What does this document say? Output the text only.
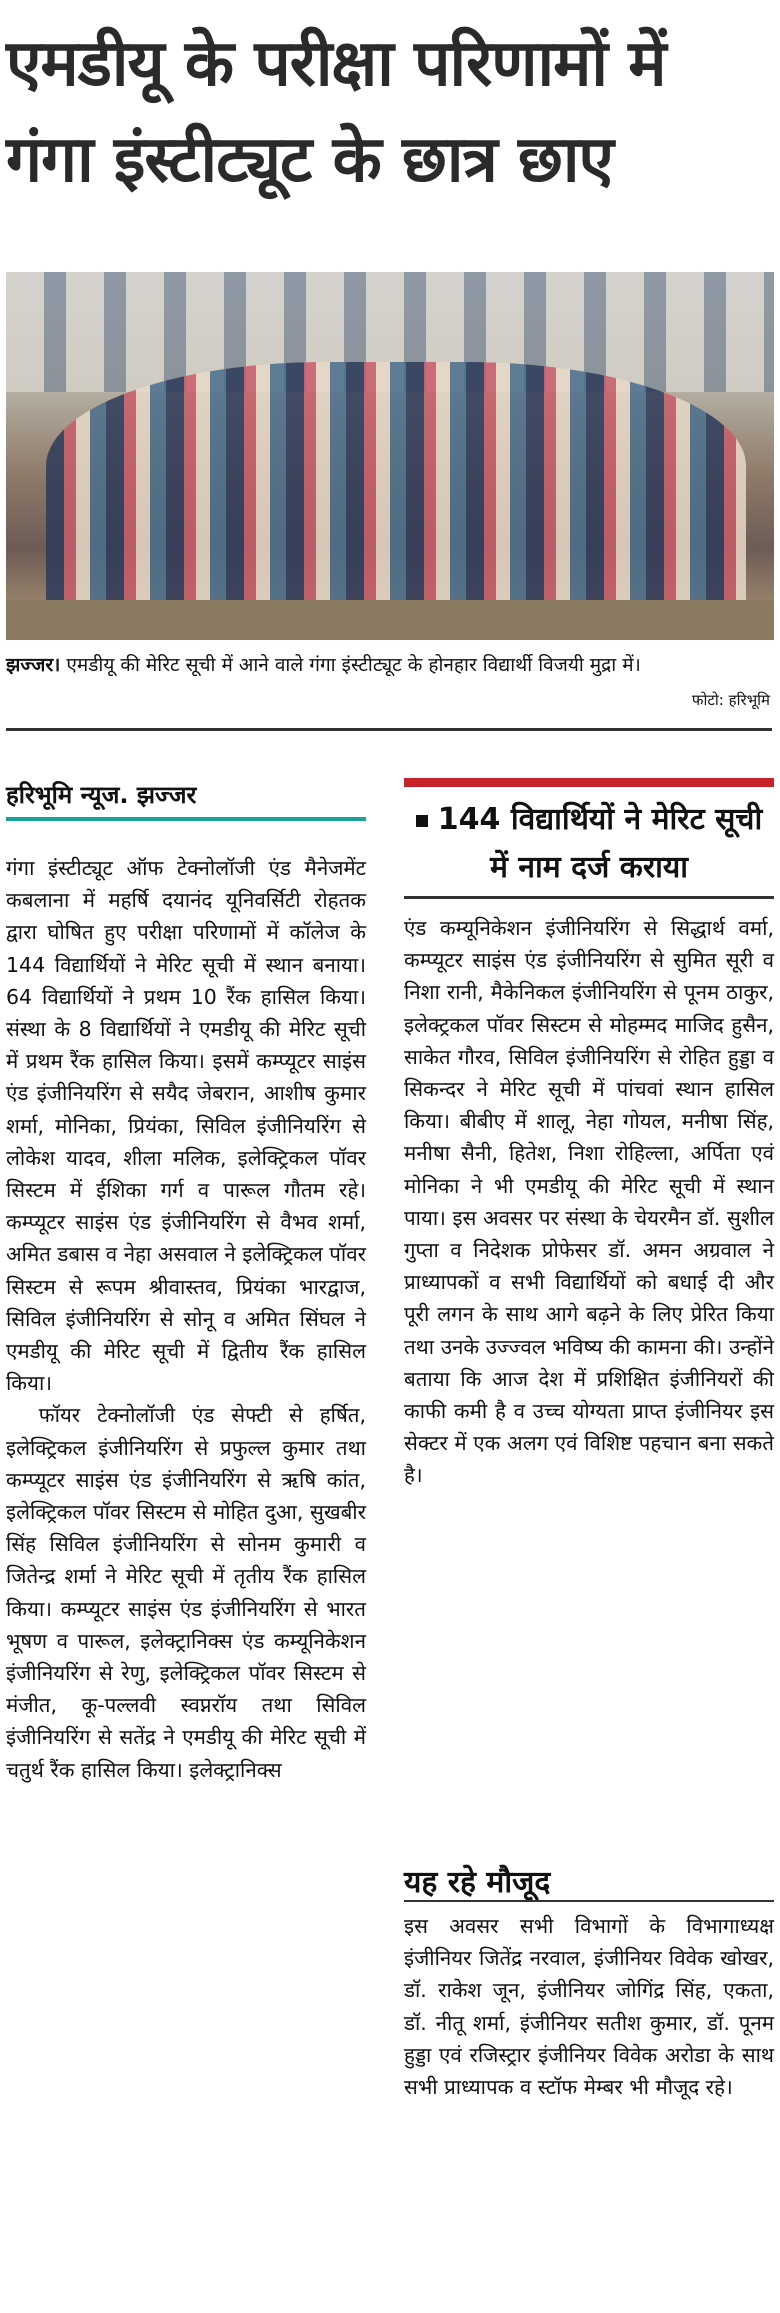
एमडीयू के परीक्षा परिणामों में
गंगा इंस्टीट्यूट के छात्र छाए
झज्जर। एमडीयू की मेरिट सूची में आने वाले गंगा इंस्टीट्यूट के होनहार विद्यार्थी विजयी मुद्रा में।
फोटो: हरिभूमि
हरिभूमि न्यूज. झज्जर

गंगा इंस्टीट्यूट ऑफ टेक्नोलॉजी एंड मैनेजमेंट कबलाना में महर्षि दयानंद यूनिवर्सिटी रोहतक द्वारा घोषित हुए परीक्षा परिणामों में कॉलेज के 144 विद्यार्थियों ने मेरिट सूची में स्थान बनाया। 64 विद्यार्थियों ने प्रथम 10 रैंक हासिल किया। संस्था के 8 विद्यार्थियों ने एमडीयू की मेरिट सूची में प्रथम रैंक हासिल किया। इसमें कम्प्यूटर साइंस एंड इंजीनियरिंग से सयैद जेबरान, आशीष कुमार शर्मा, मोनिका, प्रियंका, सिविल इंजीनियरिंग से लोकेश यादव, शीला मलिक, इलेक्ट्रिकल पॉवर सिस्टम में ईशिका गर्ग व पारूल गौतम रहे। कम्प्यूटर साइंस एंड इंजीनियरिंग से वैभव शर्मा, अमित डबास व नेहा असवाल ने इलेक्ट्रिकल पॉवर सिस्टम से रूपम श्रीवास्तव, प्रियंका भारद्वाज, सिविल इंजीनियरिंग से सोनू व अमित सिंघल ने एमडीयू की मेरिट सूची में द्वितीय रैंक हासिल किया।

फॉयर टेक्नोलॉजी एंड सेफ्टी से हर्षित, इलेक्ट्रिकल इंजीनियरिंग से प्रफुल्ल कुमार तथा कम्प्यूटर साइंस एंड इंजीनियरिंग से ऋषि कांत, इलेक्ट्रिकल पॉवर सिस्टम से मोहित दुआ, सुखबीर सिंह सिविल इंजीनियरिंग से सोनम कुमारी व जितेन्द्र शर्मा ने मेरिट सूची में तृतीय रैंक हासिल किया। कम्प्यूटर साइंस एंड इंजीनियरिंग से भारत भूषण व पारूल, इलेक्ट्रानिक्स एंड कम्यूनिकेशन इंजीनियरिंग से रेणु, इलेक्ट्रिकल पॉवर सिस्टम से मंजीत, कू-पल्लवी स्वप्नरॉय तथा सिविल इंजीनियरिंग से सतेंद्र ने एमडीयू की मेरिट सूची में चतुर्थ रैंक हासिल किया। इलेक्ट्रानिक्स

144 विद्यार्थियों ने मेरिट सूची में नाम दर्ज कराया

एंड कम्यूनिकेशन इंजीनियरिंग से सिद्धार्थ वर्मा, कम्प्यूटर साइंस एंड इंजीनियरिंग से सुमित सूरी व निशा रानी, मैकेनिकल इंजीनियरिंग से पूनम ठाकुर, इलेक्ट्रकल पॉवर सिस्टम से मोहम्मद माजिद हुसैन, साकेत गौरव, सिविल इंजीनियरिंग से रोहित हुड्डा व सिकन्दर ने मेरिट सूची में पांचवां स्थान हासिल किया। बीबीए में शालू, नेहा गोयल, मनीषा सिंह, मनीषा सैनी, हितेश, निशा रोहिल्ला, अर्पिता एवं मोनिका ने भी एमडीयू की मेरिट सूची में स्थान पाया। इस अवसर पर संस्था के चेयरमैन डॉ. सुशील गुप्ता व निदेशक प्रोफेसर डॉ. अमन अग्रवाल ने प्राध्यापकों व सभी विद्यार्थियों को बधाई दी और पूरी लगन के साथ आगे बढ़ने के लिए प्रेरित किया तथा उनके उज्ज्वल भविष्य की कामना की। उन्होंने बताया कि आज देश में प्रशिक्षित इंजीनियरों की काफी कमी है व उच्च योग्यता प्राप्त इंजीनियर इस सेक्टर में एक अलग एवं विशिष्ट पहचान बना सकते है।

यह रहे मौजूद

इस अवसर सभी विभागों के विभागाध्यक्ष इंजीनियर जितेंद्र नरवाल, इंजीनियर विवेक खोखर, डॉ. राकेश जून, इंजीनियर जोगिंद्र सिंह, एकता, डॉ. नीतू शर्मा, इंजीनियर सतीश कुमार, डॉ. पूनम हुड्डा एवं रजिस्ट्रार इंजीनियर विवेक अरोडा के साथ सभी प्राध्यापक व स्टॉफ मेम्बर भी मौजूद रहे।
